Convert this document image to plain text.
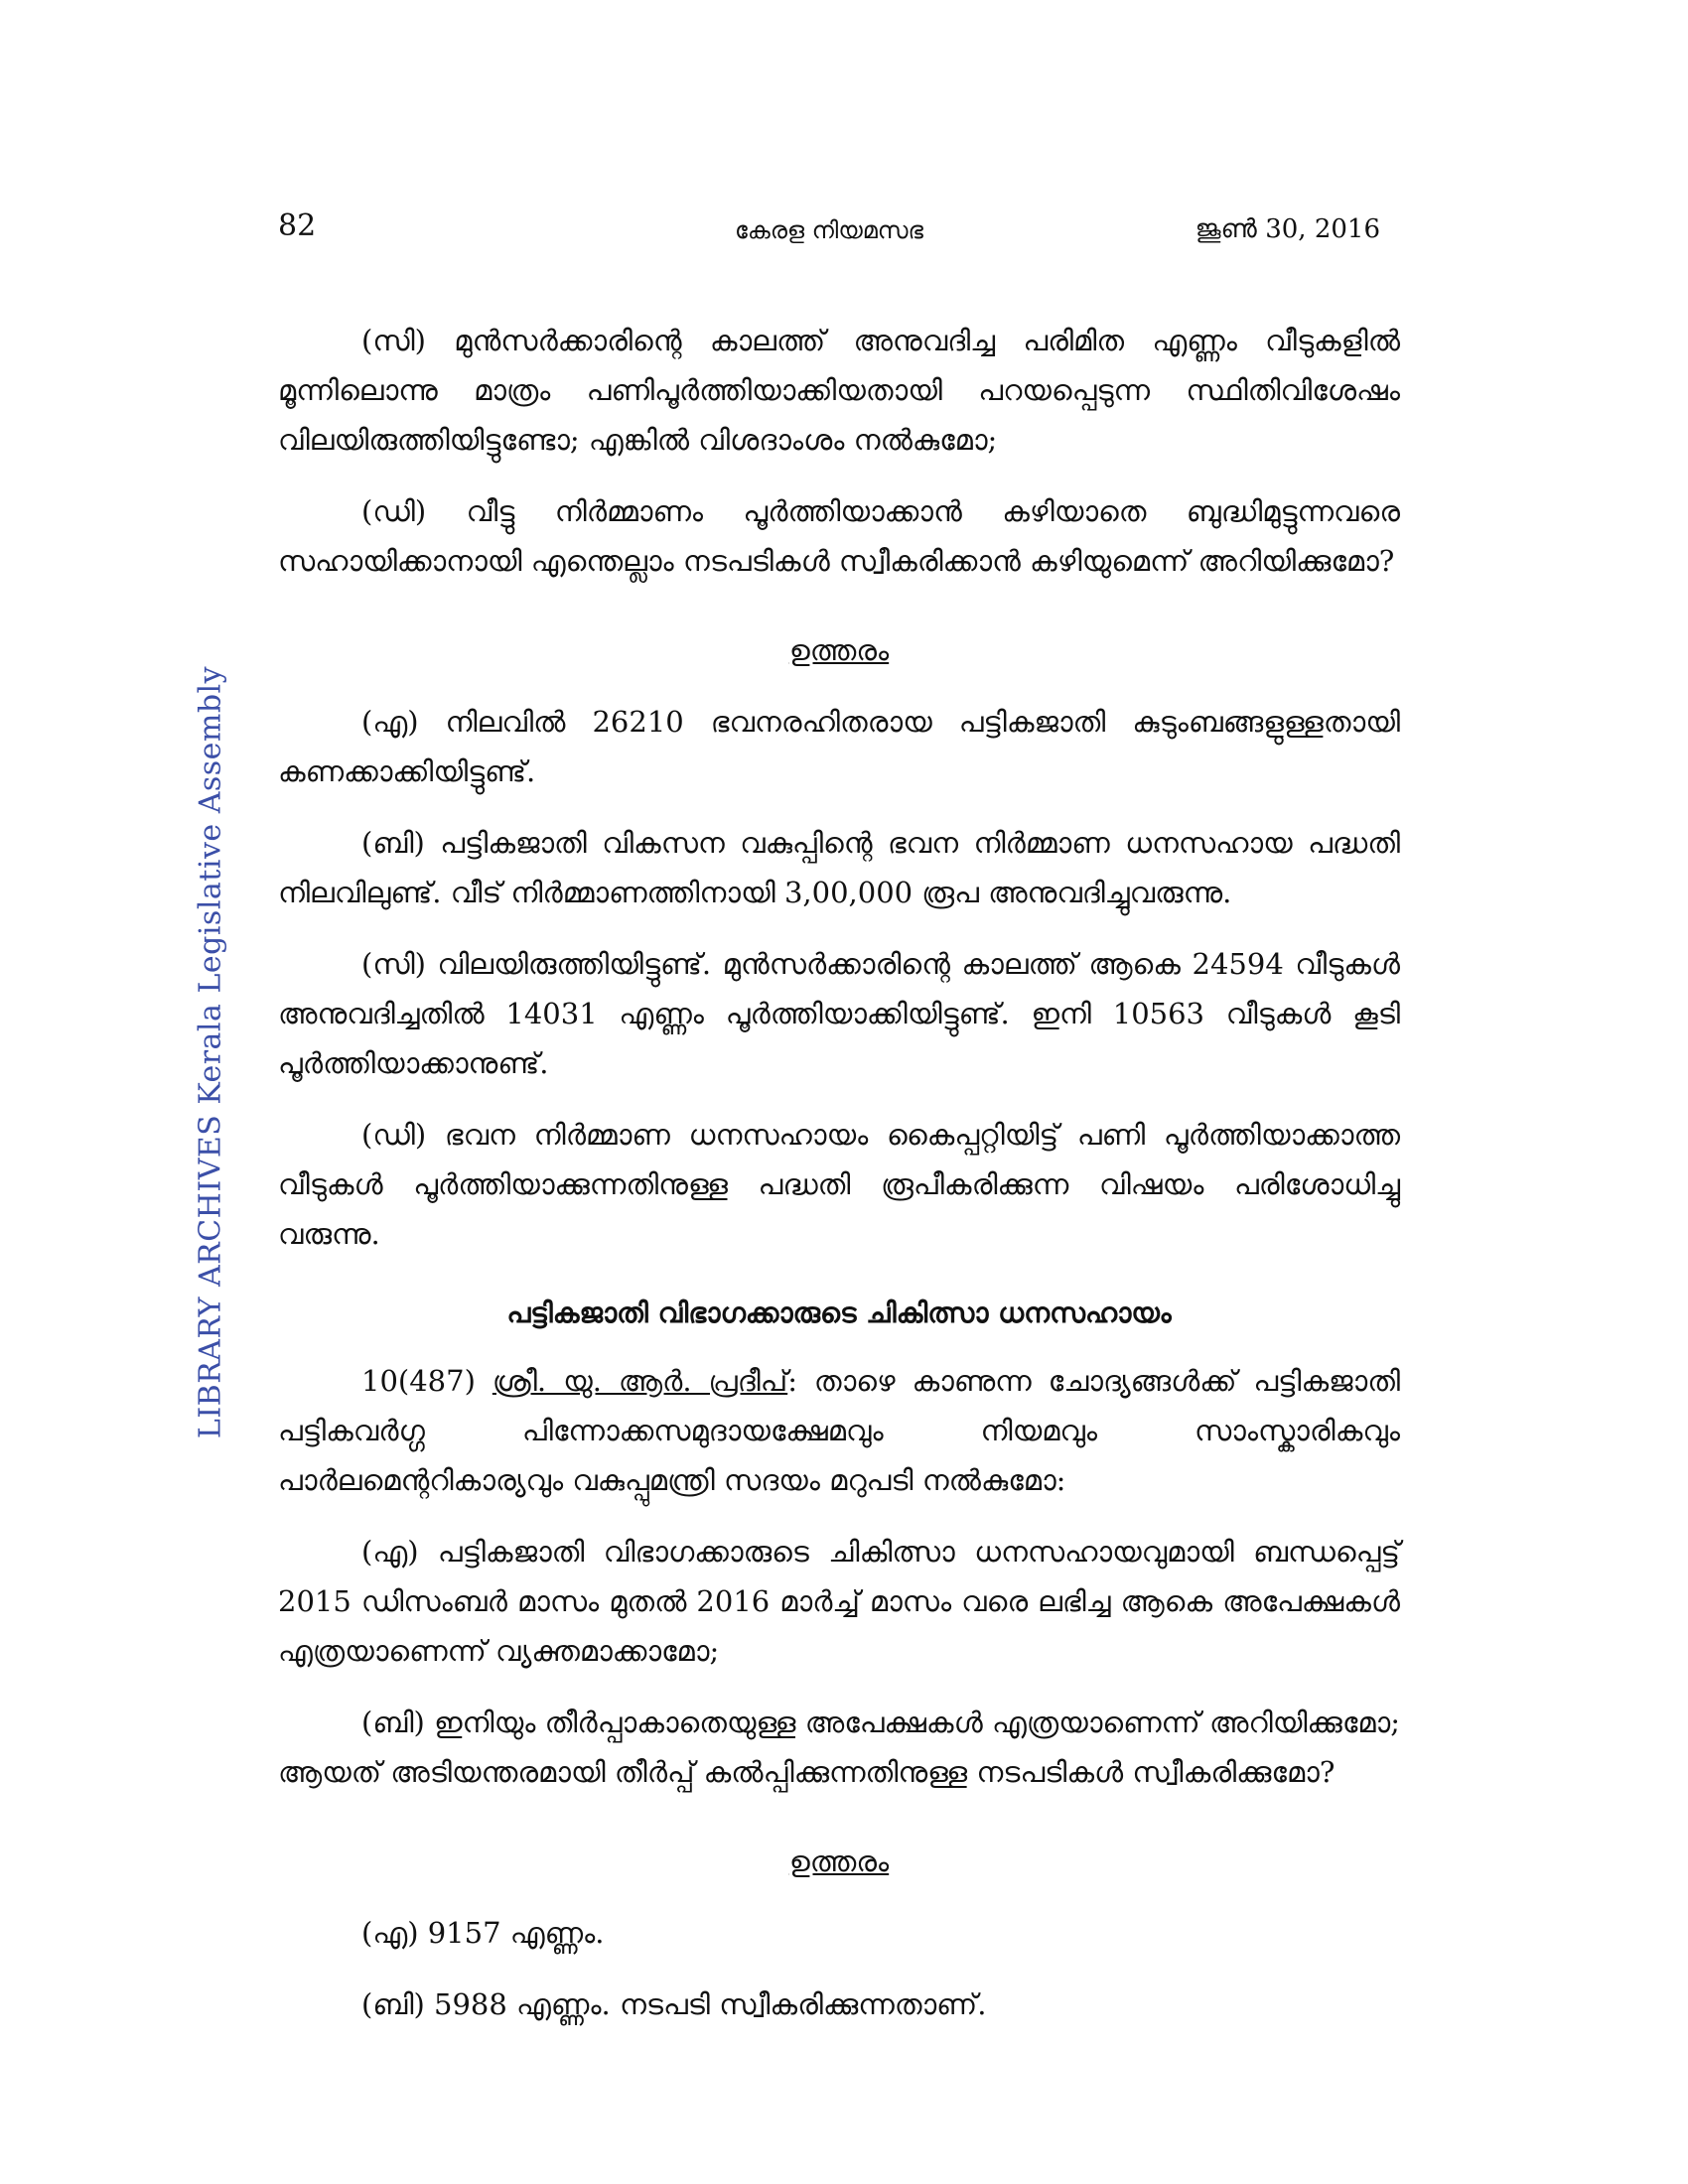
82	കേരള നിയമസഭ	ജൂൺ 30, 2016
LIBRARY ARCHIVES Kerala Legislative Assembly

(സി) മുൻസർക്കാരിന്റെ കാലത്ത് അനുവദിച്ച പരിമിത എണ്ണം വീടുകളിൽ മൂന്നിലൊന്നു മാത്രം പണിപൂർത്തിയാക്കിയതായി പറയപ്പെടുന്ന സ്ഥിതിവിശേഷം വിലയിരുത്തിയിട്ടുണ്ടോ; എങ്കിൽ വിശദാംശം നൽകുമോ;

(ഡി) വീട്ടു നിർമ്മാണം പൂർത്തിയാക്കാൻ കഴിയാതെ ബുദ്ധിമുട്ടുന്നവരെ സഹായിക്കാനായി എന്തെല്ലാം നടപടികൾ സ്വീകരിക്കാൻ കഴിയുമെന്ന് അറിയിക്കുമോ?

ഉത്തരം

(എ) നിലവിൽ 26210 ഭവനരഹിതരായ പട്ടികജാതി കുടുംബങ്ങളുള്ളതായി കണക്കാക്കിയിട്ടുണ്ട്.

(ബി) പട്ടികജാതി വികസന വകുപ്പിന്റെ ഭവന നിർമ്മാണ ധനസഹായ പദ്ധതി നിലവിലുണ്ട്. വീട് നിർമ്മാണത്തിനായി 3,00,000 രൂപ അനുവദിച്ചുവരുന്നു.

(സി) വിലയിരുത്തിയിട്ടുണ്ട്. മുൻസർക്കാരിന്റെ കാലത്ത് ആകെ 24594 വീടുകൾ അനുവദിച്ചതിൽ 14031 എണ്ണം പൂർത്തിയാക്കിയിട്ടുണ്ട്. ഇനി 10563 വീടുകൾ കൂടി പൂർത്തിയാക്കാനുണ്ട്.

(ഡി) ഭവന നിർമ്മാണ ധനസഹായം കൈപ്പറ്റിയിട്ട് പണി പൂർത്തിയാക്കാത്ത വീടുകൾ പൂർത്തിയാക്കുന്നതിനുള്ള പദ്ധതി രൂപീകരിക്കുന്ന വിഷയം പരിശോധിച്ചു വരുന്നു.

പട്ടികജാതി വിഭാഗക്കാരുടെ ചികിത്സാ ധനസഹായം

10(487) ശ്രീ. യു. ആർ. പ്രദീപ്: താഴെ കാണുന്ന ചോദ്യങ്ങൾക്ക് പട്ടികജാതി പട്ടികവർഗ്ഗ പിന്നോക്കസമുദായക്ഷേമവും നിയമവും സാംസ്കാരികവും പാർലമെന്ററികാര്യവും വകുപ്പുമന്ത്രി സദയം മറുപടി നൽകുമോ:

(എ) പട്ടികജാതി വിഭാഗക്കാരുടെ ചികിത്സാ ധനസഹായവുമായി ബന്ധപ്പെട്ട് 2015 ഡിസംബർ മാസം മുതൽ 2016 മാർച്ച് മാസം വരെ ലഭിച്ച ആകെ അപേക്ഷകൾ എത്രയാണെന്ന് വ്യക്തമാക്കാമോ;

(ബി) ഇനിയും തീർപ്പാകാതെയുള്ള അപേക്ഷകൾ എത്രയാണെന്ന് അറിയിക്കുമോ; ആയത് അടിയന്തരമായി തീർപ്പ് കൽപ്പിക്കുന്നതിനുള്ള നടപടികൾ സ്വീകരിക്കുമോ?

ഉത്തരം

(എ) 9157 എണ്ണം.

(ബി) 5988 എണ്ണം. നടപടി സ്വീകരിക്കുന്നതാണ്.
